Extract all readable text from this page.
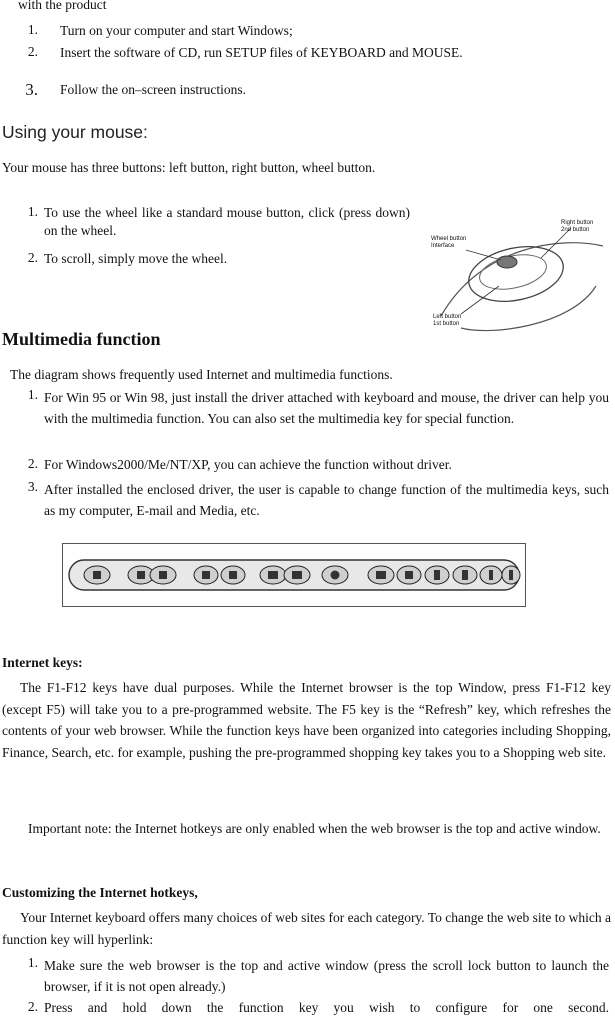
with the product
1. Turn on your computer and start Windows;
2. Insert the software of CD, run SETUP files of KEYBOARD and MOUSE.
3. Follow the on–screen instructions.
Using your mouse:
Your mouse has three buttons: left button, right button, wheel button.
1. To use the wheel like a standard mouse button, click (press down) on the wheel.
2. To scroll, simply move the wheel.
Wheel button Interface
Right button 2nd button
Left button 1st button
Multimedia function
The diagram shows frequently used Internet and multimedia functions.
1. For Win 95 or Win 98, just install the driver attached with keyboard and mouse, the driver can help you with the multimedia function. You can also set the multimedia key for special function.
2. For Windows2000/Me/NT/XP, you can achieve the function without driver.
3. After installed the enclosed driver, the user is capable to change function of the multimedia keys, such as my computer, E-mail and Media, etc.
Internet keys:
The F1-F12 keys have dual purposes. While the Internet browser is the top Window, press F1-F12 key (except F5) will take you to a pre-programmed website. The F5 key is the “Refresh” key, which refreshes the contents of your web browser. While the function keys have been organized into categories including Shopping, Finance, Search, etc. for example, pushing the pre-programmed shopping key takes you to a Shopping web site.
Important note: the Internet hotkeys are only enabled when the web browser is the top and active window.
Customizing the Internet hotkeys,
Your Internet keyboard offers many choices of web sites for each category. To change the web site to which a function key will hyperlink:
1. Make sure the web browser is the top and active window (press the scroll lock button to launch the browser, if it is not open already.)
2. Press and hold down the function key you wish to configure for one second.
